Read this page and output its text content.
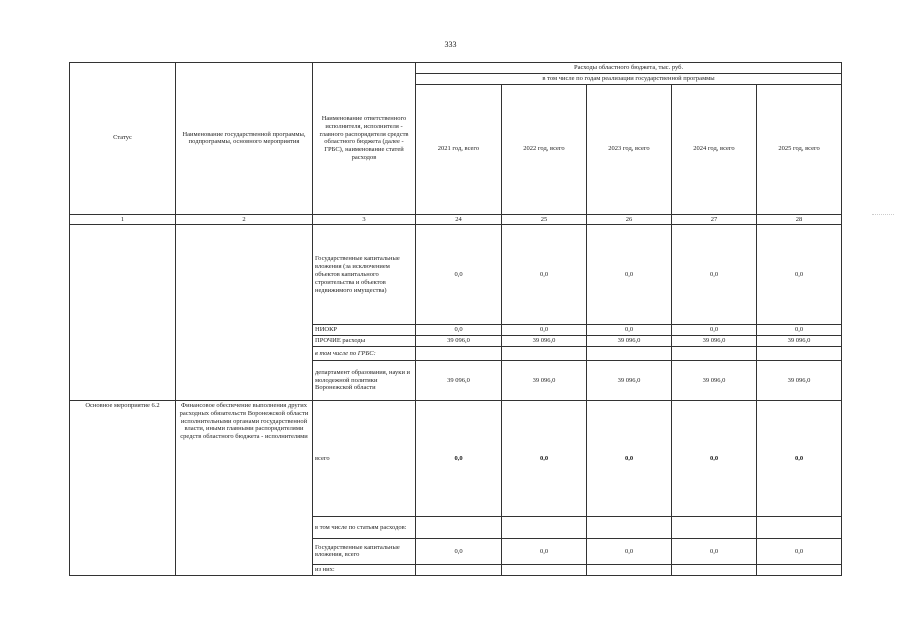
333
Статус	Наименование государственной программы, подпрограммы, основного мероприятия	Наименование ответственного исполнителя, исполнителя - главного распорядителя средств областного бюджета (далее - ГРБС), наименование статей расходов	Расходы областного бюджета, тыс. руб.				
			в том числе по годам реализации государственной программы				
			2021 год, всего	2022 год, всего	2023 год, всего	2024 год, всего	2025 год, всего
1	2	3	24	25	26	27	28
		Государственные капитальные вложения (за исключением объектов капитального строительства и объектов недвижимого имущества)	0,0	0,0	0,0	0,0	0,0
		НИОКР	0,0	0,0	0,0	0,0	0,0
		ПРОЧИЕ расходы	39 096,0	39 096,0	39 096,0	39 096,0	39 096,0
		в том числе по ГРБС:					
		департамент образования, науки и молодежной политики Воронежской области	39 096,0	39 096,0	39 096,0	39 096,0	39 096,0
Основное мероприятие 6.2	Финансовое обеспечение выполнения других расходных обязательств Воронежской области исполнительными органами государственной власти, иными главными распорядителями средств областного бюджета - исполнителями	всего	0,0	0,0	0,0	0,0	0,0
		в том числе по статьям расходов:					
		Государственные капитальные вложения, всего	0,0	0,0	0,0	0,0	0,0
		из них:					
